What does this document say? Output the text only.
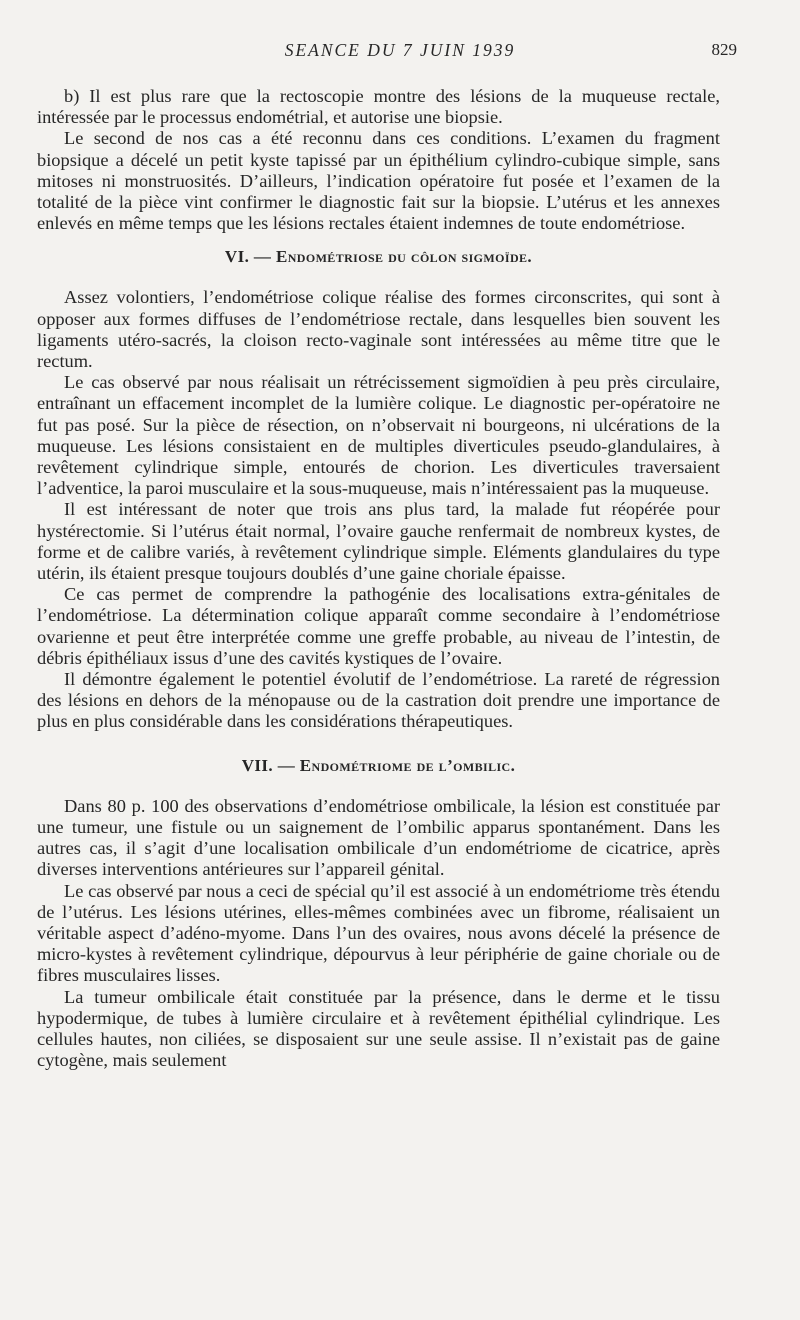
SEANCE DU 7 JUIN 1939	829

b) Il est plus rare que la rectoscopie montre des lésions de la muqueuse rectale, intéressée par le processus endométrial, et autorise une biopsie.

Le second de nos cas a été reconnu dans ces conditions. L’examen du fragment biopsique a décelé un petit kyste tapissé par un épithélium cylindro-cubique simple, sans mitoses ni monstruosités. D’ailleurs, l’indication opératoire fut posée et l’examen de la totalité de la pièce vint confirmer le diagnostic fait sur la biopsie. L’utérus et les annexes enlevés en même temps que les lésions rectales étaient indemnes de toute endométriose.

VI. — Endométriose du côlon sigmoïde.

Assez volontiers, l’endométriose colique réalise des formes circonscrites, qui sont à opposer aux formes diffuses de l’endométriose rectale, dans lesquelles bien souvent les ligaments utéro-sacrés, la cloison recto-vaginale sont intéressées au même titre que le rectum.

Le cas observé par nous réalisait un rétrécissement sigmoïdien à peu près circulaire, entraînant un effacement incomplet de la lumière colique. Le diagnostic per-opératoire ne fut pas posé. Sur la pièce de résection, on n’observait ni bourgeons, ni ulcérations de la muqueuse. Les lésions consistaient en de multiples diverticules pseudo-glandulaires, à revêtement cylindrique simple, entourés de chorion. Les diverticules traversaient l’adventice, la paroi musculaire et la sous-muqueuse, mais n’intéressaient pas la muqueuse.

Il est intéressant de noter que trois ans plus tard, la malade fut réopérée pour hystérectomie. Si l’utérus était normal, l’ovaire gauche renfermait de nombreux kystes, de forme et de calibre variés, à revêtement cylindrique simple. Eléments glandulaires du type utérin, ils étaient presque toujours doublés d’une gaine choriale épaisse.

Ce cas permet de comprendre la pathogénie des localisations extra-génitales de l’endométriose. La détermination colique apparaît comme secondaire à l’endométriose ovarienne et peut être interprétée comme une greffe probable, au niveau de l’intestin, de débris épithéliaux issus d’une des cavités kystiques de l’ovaire.

Il démontre également le potentiel évolutif de l’endométriose. La rareté de régression des lésions en dehors de la ménopause ou de la castration doit prendre une importance de plus en plus considérable dans les considérations thérapeutiques.

VII. — Endométriome de l’ombilic.

Dans 80 p. 100 des observations d’endométriose ombilicale, la lésion est constituée par une tumeur, une fistule ou un saignement de l’ombilic apparus spontanément. Dans les autres cas, il s’agit d’une localisation ombilicale d’un endométriome de cicatrice, après diverses interventions antérieures sur l’appareil génital.

Le cas observé par nous a ceci de spécial qu’il est associé à un endométriome très étendu de l’utérus. Les lésions utérines, elles-mêmes combinées avec un fibrome, réalisaient un véritable aspect d’adéno-myome. Dans l’un des ovaires, nous avons décelé la présence de micro-kystes à revêtement cylindrique, dépourvus à leur périphérie de gaine choriale ou de fibres musculaires lisses.

La tumeur ombilicale était constituée par la présence, dans le derme et le tissu hypodermique, de tubes à lumière circulaire et à revêtement épithélial cylindrique. Les cellules hautes, non ciliées, se disposaient sur une seule assise. Il n’existait pas de gaine cytogène, mais seulement
